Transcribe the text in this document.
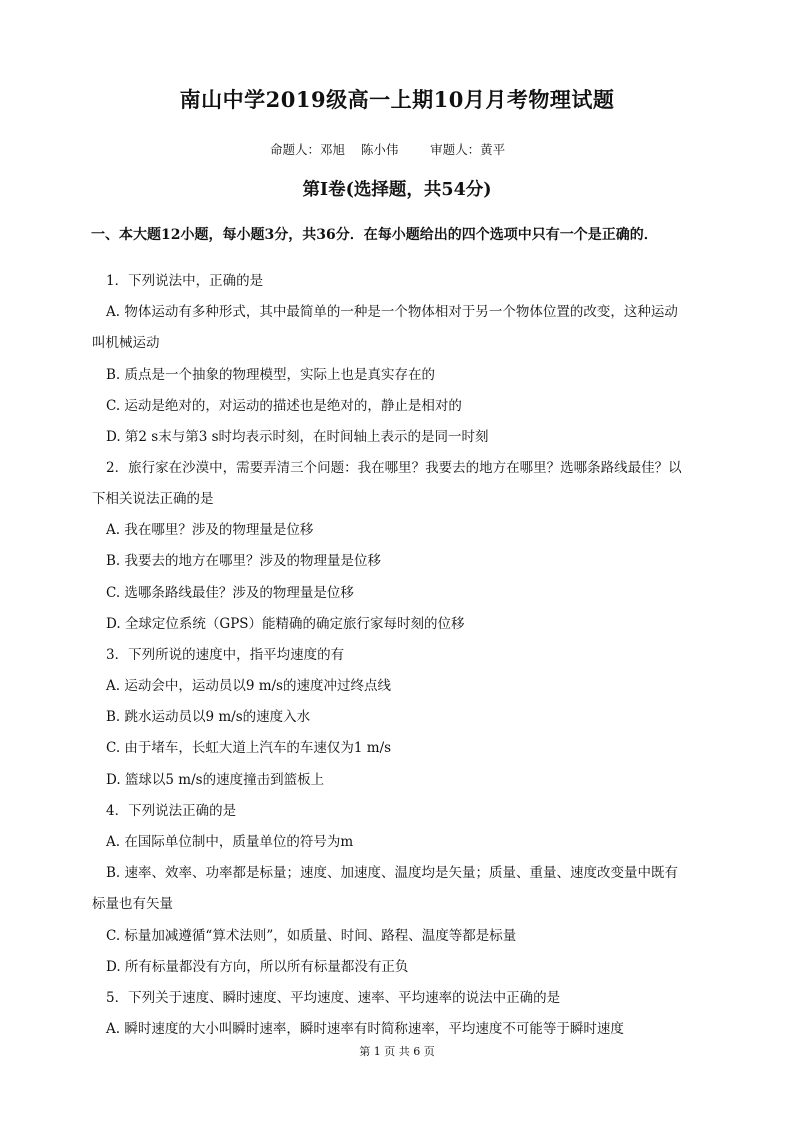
南山中学2019级高一上期10月月考物理试题
命题人：邓旭    陈小伟        审题人：黄平
第Ⅰ卷(选择题，共54分)
一、本大题12小题，每小题3分，共36分．在每小题给出的四个选项中只有一个是正确的．
1．下列说法中，正确的是
A. 物体运动有多种形式，其中最简单的一种是一个物体相对于另一个物体位置的改变，这种运动
叫机械运动
B. 质点是一个抽象的物理模型，实际上也是真实存在的
C. 运动是绝对的，对运动的描述也是绝对的，静止是相对的
D. 第2 s末与第3 s时均表示时刻，在时间轴上表示的是同一时刻
2．旅行家在沙漠中，需要弄清三个问题：我在哪里？我要去的地方在哪里？选哪条路线最佳？以
下相关说法正确的是
A. 我在哪里？涉及的物理量是位移
B. 我要去的地方在哪里？涉及的物理量是位移
C. 选哪条路线最佳？涉及的物理量是位移
D. 全球定位系统（GPS）能精确的确定旅行家每时刻的位移
3．下列所说的速度中，指平均速度的有
A. 运动会中，运动员以9 m/s的速度冲过终点线
B. 跳水运动员以9 m/s的速度入水
C. 由于堵车，长虹大道上汽车的车速仅为1 m/s
D. 篮球以5 m/s的速度撞击到篮板上
4．下列说法正确的是
A. 在国际单位制中，质量单位的符号为m
B. 速率、效率、功率都是标量；速度、加速度、温度均是矢量；质量、重量、速度改变量中既有
标量也有矢量
C. 标量加减遵循“算术法则”，如质量、时间、路程、温度等都是标量
D. 所有标量都没有方向，所以所有标量都没有正负
5．下列关于速度、瞬时速度、平均速度、速率、平均速率的说法中正确的是
A. 瞬时速度的大小叫瞬时速率，瞬时速率有时简称速率，平均速度不可能等于瞬时速度
第 1 页 共 6 页
